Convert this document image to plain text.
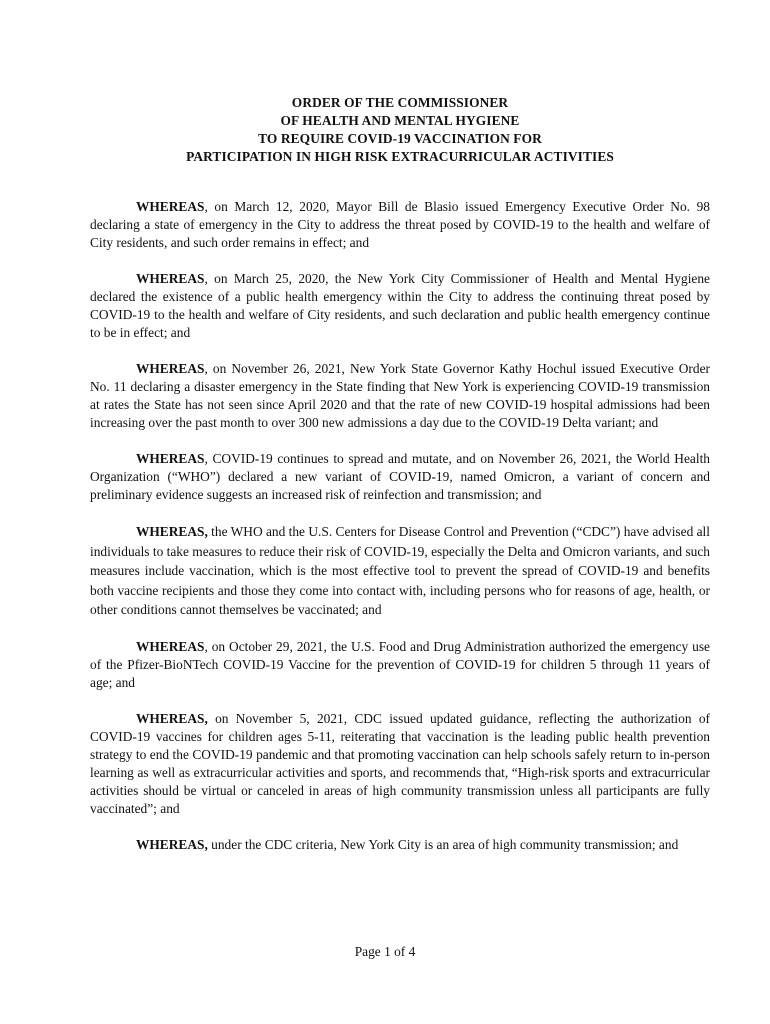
ORDER OF THE COMMISSIONER
OF HEALTH AND MENTAL HYGIENE
TO REQUIRE COVID-19 VACCINATION FOR
PARTICIPATION IN HIGH RISK EXTRACURRICULAR ACTIVITIES

WHEREAS, on March 12, 2020, Mayor Bill de Blasio issued Emergency Executive Order No. 98 declaring a state of emergency in the City to address the threat posed by COVID-19 to the health and welfare of City residents, and such order remains in effect; and

WHEREAS, on March 25, 2020, the New York City Commissioner of Health and Mental Hygiene declared the existence of a public health emergency within the City to address the continuing threat posed by COVID-19 to the health and welfare of City residents, and such declaration and public health emergency continue to be in effect; and

WHEREAS, on November 26, 2021, New York State Governor Kathy Hochul issued Executive Order No. 11 declaring a disaster emergency in the State finding that New York is experiencing COVID-19 transmission at rates the State has not seen since April 2020 and that the rate of new COVID-19 hospital admissions had been increasing over the past month to over 300 new admissions a day due to the COVID-19 Delta variant; and

WHEREAS, COVID-19 continues to spread and mutate, and on November 26, 2021, the World Health Organization (“WHO”) declared a new variant of COVID-19, named Omicron, a variant of concern and preliminary evidence suggests an increased risk of reinfection and transmission; and

WHEREAS, the WHO and the U.S. Centers for Disease Control and Prevention (“CDC”) have advised all individuals to take measures to reduce their risk of COVID-19, especially the Delta and Omicron variants, and such measures include vaccination, which is the most effective tool to prevent the spread of COVID-19 and benefits both vaccine recipients and those they come into contact with, including persons who for reasons of age, health, or other conditions cannot themselves be vaccinated; and

WHEREAS, on October 29, 2021, the U.S. Food and Drug Administration authorized the emergency use of the Pfizer-BioNTech COVID-19 Vaccine for the prevention of COVID-19 for children 5 through 11 years of age; and

WHEREAS, on November 5, 2021, CDC issued updated guidance, reflecting the authorization of COVID-19 vaccines for children ages 5-11, reiterating that vaccination is the leading public health prevention strategy to end the COVID-19 pandemic and that promoting vaccination can help schools safely return to in-person learning as well as extracurricular activities and sports, and recommends that, “High-risk sports and extracurricular activities should be virtual or canceled in areas of high community transmission unless all participants are fully vaccinated”; and

WHEREAS, under the CDC criteria, New York City is an area of high community transmission; and

Page 1 of 4
